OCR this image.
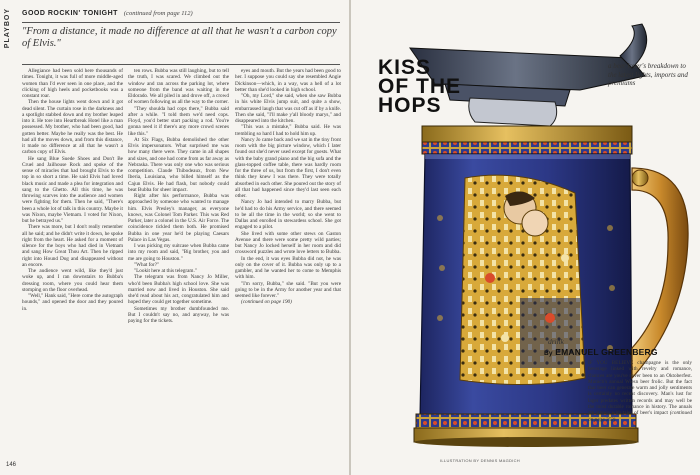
PLAYBOY GOOD ROCKIN' TONIGHT (continued from page 112)
"From a distance, it made no difference at all that he wasn't a carbon copy of Elvis."

Allegiance had been sold here thousands of times. Tonight, it was full of more middle-aged women than I'd ever seen in one place, and the clicking of high heels and pocketbooks was a constant roar.

Then the house lights went down and it got dead silent. The curtain rose in the darkness and a spotlight stabbed down and my brother leaped into it. He tore into Heartbreak Hotel like a man possessed. My brother, who had been good, had gotten better. Maybe he really was the best. He had all the moves down, and from this distance, it made no difference at all that he wasn't a carbon copy of Elvis.

He sang Blue Suede Shoes and Don't Be Cruel and Jailhouse Rock and spoke of the sense of miracles that had brought Elvis to the top in so short a time. He said Elvis had loved black music and made a plea for integration and sang to the Ghetto. All this time, he was throwing scarves into the audience and women were fighting for them. Then he said, "There's been a whole lot of talk in this country. Maybe it was Nixon, maybe Vietnam. I voted for Nixon, but he betrayed us."

There was more, but I don't really remember all he said; and he didn't write it down, he spoke right from the heart. He asked for a moment of silence for the boys who had died in Vietnam and sang How Great Thou Art. Then he ripped right into Hound Dog and disappeared without an encore.

The audience went wild, like they'd just woke up, and I ran downstairs to Bubba's dressing room, where you could hear them stomping on the floor overhead.

"Well," Hank said, "Here come the autograph hounds," and opened the door and they poured in.

ten rows. Bubba was still laughing, but to tell the truth, I was scared. We climbed out the window and ran across the parking lot, where someone from the band was waiting in the Eldorado. We all piled in and drove off, a crowd of women following us all the way to the corner.

"They shoulda had cops there," Bubba said after a while. "I told them we'd need cops. Floyd, you'd better start packing a rod. You're gonna need it if there's any more crowd scenes like this."

At Six Flags, Bubba demolished the other Elvis impersonators. What surprised me was how many there were. They came in all shapes and sizes, and one had come from as far away as Nebraska. There was only one who was serious competition. Claude Thibodeaux, from New Iberia, Louisiana, who billed himself as the Cajun Elvis. He had flash, but nobody could beat Bubba for sheer impact.

Right after his performance, Bubba was approached by someone who wanted to manage him. Elvis Presley's manager, as everyone knows, was Colonel Tom Parker. This was Red Parker, later a colonel in the U.S. Air Force. The coincidence tickled them both. He promised Bubba in one year he'd be playing Caesars Palace in Las Vegas.

I was picking my suitcase when Bubba came into my room and said, "Big brother, you and me are going to Houston."

"What for?"

"Lookit here at this telegram."

The telegram was from Nancy Jo Miller, who'd been Bubba's high school love. She was married now and lived in Houston. She said she'd read about his act, congratulated him and hoped they could get together sometime.

Sometimes my brother dumbfounded me. But I couldn't say no, and anyway, he was paying for the tickets.

eyes and mouth. But the years had been good to her. I suppose you could say she resembled Angie Dickinson—which, in a way, was a hell of a lot better than she'd looked in high school.

"Oh, my Lord," she said, when she saw Bubba in his white Elvis jump suit, and quite a show, embarrassed laugh that was cut off as if by a knife. Then she said, "I'll make y'all bloody marys," and disappeared into the kitchen.

"This was a mistake," Bubba said. He was trembling so hard I had to hold him up.

Nancy Jo came back and we sat in the tiny front room with the big picture window, which I later found out she'd never used except for guests. What with the baby grand piano and the big sofa and the glass-topped coffee table, there was hardly room for the three of us, but from the first, I don't even think they knew I was there. They were totally absorbed in each other. She poured out the story of all that had happened since they'd last seen each other.

Nancy Jo had intended to marry Bubba, but he'd had to do his Army service, and there seemed to be all the time in the world; so she went to Dallas and enrolled in stewardess school. She got engaged to a pilot.

She lived with some other stews on Gaston Avenue and there were some pretty wild parties; but Nancy Jo locked herself in her room and did crossword puzzles and wrote love letters to Bubba.

In the end, it was eyes Bubba did not, he was only on the cover of it. Bubba was only up to a gambler, and he wanted her to come to Memphis with him.

"I'm sorry, Bubba," she said. "But you were going to be in the Army for another year and that seemed like forever."

(continued on page 190)

146
KISS
OF THE
HOPS
a beer lover's breakdown to the latest lights, imports and premiums
drink
By EMANUEL GREENBERG
IF YOU BELIEVE champagne is the only beverage linked with revelry and romance, chances are you've never been to an Oktoberfest. Munich's annual Wiesn beer frolic. But the fact that beer can generate warm and jolly sentiments is certainly no recent discovery. Man's lust for lager predates written records and may well be the most durable romance in history. The annals are strewn with tales of beer's impact (continued on page 252)
ILLUSTRATION BY DENNIS MAGDICH
